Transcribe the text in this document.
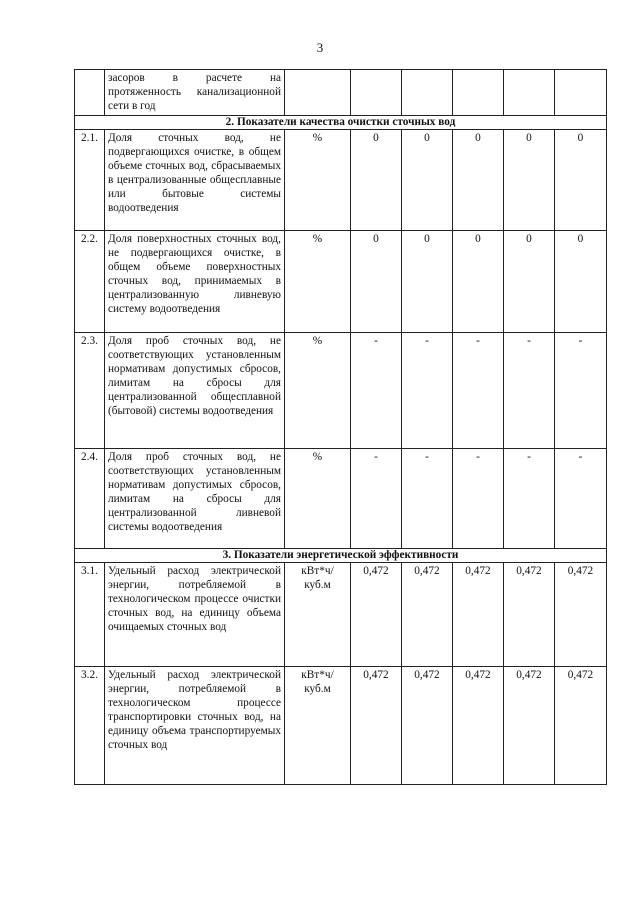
3
	засоров в расчете на протяженность канализационной сети в год						
2. Показатели качества очистки сточных вод							
2.1.	Доля сточных вод, не подвергающихся очистке, в общем объеме сточных вод, сбрасываемых в централизованные общесплавные или бытовые системы водоотведения	%	0	0	0	0	0
2.2.	Доля поверхностных сточных вод, не подвергающихся очистке, в общем объеме поверхностных сточных вод, принимаемых в централизованную ливневую систему водоотведения	%	0	0	0	0	0
2.3.	Доля проб сточных вод, не соответствующих установленным нормативам допустимых сбросов, лимитам на сбросы для централизованной общесплавной (бытовой) системы водоотведения	%	-	-	-	-	-
2.4.	Доля проб сточных вод, не соответствующих установленным нормативам допустимых сбросов, лимитам на сбросы для централизованной ливневой системы водоотведения	%	-	-	-	-	-
3. Показатели энергетической эффективности							
3.1.	Удельный расход электрической энергии, потребляемой в технологическом процессе очистки сточных вод, на единицу объема очищаемых сточных вод	кВт*ч/ куб.м	0,472	0,472	0,472	0,472	0,472
3.2.	Удельный расход электрической энергии, потребляемой в технологическом процессе транспортировки сточных вод, на единицу объема транспортируемых сточных вод	кВт*ч/ куб.м	0,472	0,472	0,472	0,472	0,472
